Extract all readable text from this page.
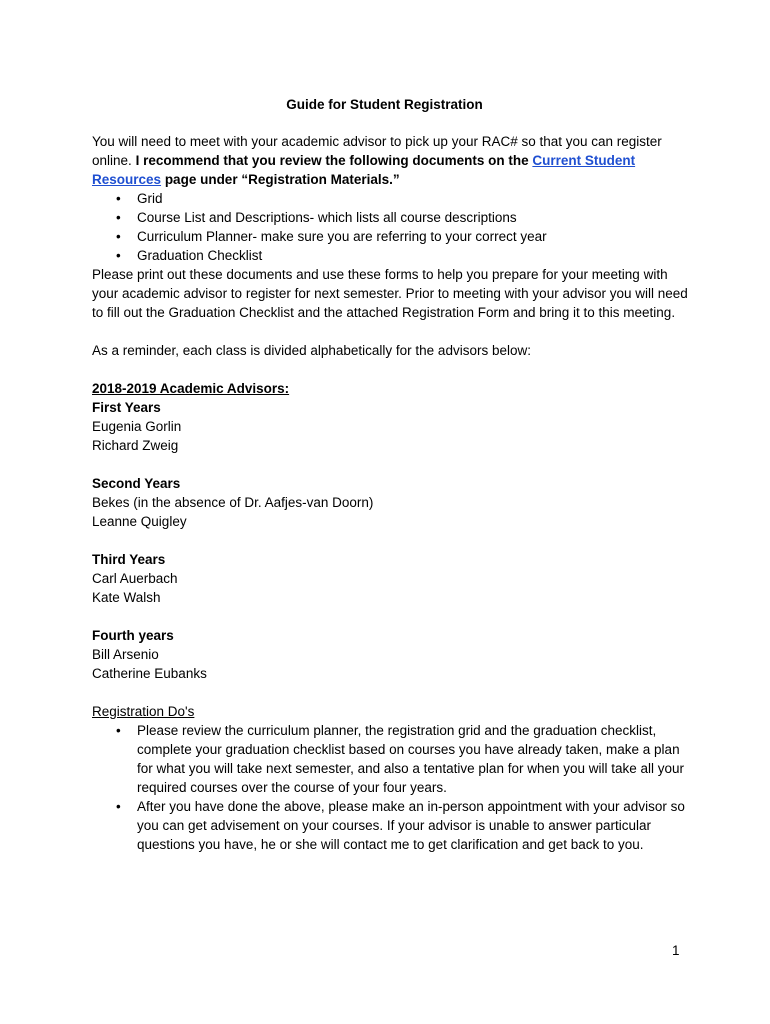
Guide for Student Registration

You will need to meet with your academic advisor to pick up your RAC# so that you can register online. I recommend that you review the following documents on the Current Student Resources page under “Registration Materials.”

• Grid
• Course List and Descriptions- which lists all course descriptions
• Curriculum Planner- make sure you are referring to your correct year
• Graduation Checklist

Please print out these documents and use these forms to help you prepare for your meeting with your academic advisor to register for next semester. Prior to meeting with your advisor you will need to fill out the Graduation Checklist and the attached Registration Form and bring it to this meeting.

As a reminder, each class is divided alphabetically for the advisors below:

2018-2019 Academic Advisors:

First Years

Eugenia Gorlin

Richard Zweig

Second Years

Bekes (in the absence of Dr. Aafjes-van Doorn)

Leanne Quigley

Third Years

Carl Auerbach

Kate Walsh

Fourth years

Bill Arsenio

Catherine Eubanks

Registration Do's

• Please review the curriculum planner, the registration grid and the graduation checklist, complete your graduation checklist based on courses you have already taken, make a plan for what you will take next semester, and also a tentative plan for when you will take all your required courses over the course of your four years.
• After you have done the above, please make an in-person appointment with your advisor so you can get advisement on your courses. If your advisor is unable to answer particular questions you have, he or she will contact me to get clarification and get back to you.
1
